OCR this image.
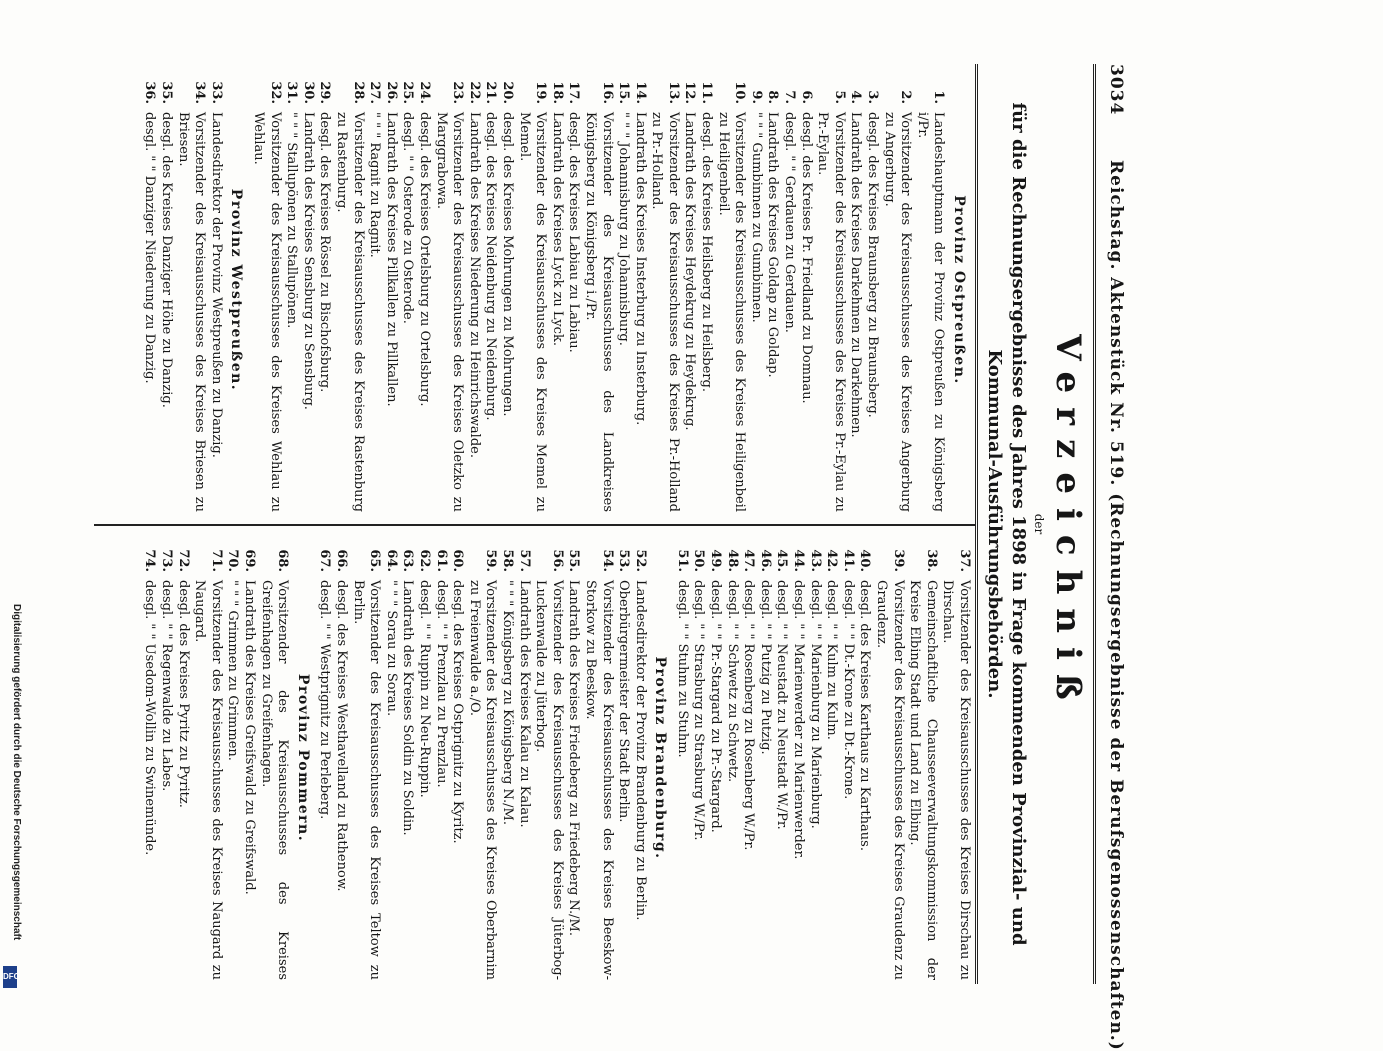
3034
Reichstag. Aktenstück Nr. 519. (Rechnungsergebnisse der Berufsgenossenschaften.)
Verzeichniß
der
für die Rechnungsergebnisse des Jahres 1898 in Frage kommenden Provinzial- und Kommunal-Ausführungsbehörden.
Provinz Ostpreußen.
1.
Landeshauptmann der Provinz Ostpreußen zu Königsberg i/Pr.
2.
Vorsitzender des Kreisausschusses des Kreises Angerburg zu Angerburg.
3.
desgl. des Kreises Braunsberg zu Braunsberg.
4.
Landrath des Kreises Darkehmen zu Darkehmen.
5.
Vorsitzender des Kreisausschusses des Kreises Pr.-Eylau zu Pr.-Eylau.
6.
desgl. des Kreises Pr. Friedland zu Domnau.
7.
desgl. " " Gerdauen zu Gerdauen.
8.
Landrath des Kreises Goldap zu Goldap.
9.
" " " Gumbinnen zu Gumbinnen.
10.
Vorsitzender des Kreisausschusses des Kreises Heiligenbeil zu Heiligenbeil.
11.
desgl. des Kreises Heilsberg zu Heilsberg.
12.
Landrath des Kreises Heydekrug zu Heydekrug.
13.
Vorsitzender des Kreisausschusses des Kreises Pr.-Holland zu Pr.-Holland.
14.
Landrath des Kreises Insterburg zu Insterburg.
15.
" " " Johannisburg zu Johannisburg.
16.
Vorsitzender des Kreisausschusses des Landkreises Königsberg zu Königsberg i./Pr.
17.
desgl. des Kreises Labiau zu Labiau.
18.
Landrath des Kreises Lyck zu Lyck.
19.
Vorsitzender des Kreisausschusses des Kreises Memel zu Memel.
20.
desgl. des Kreises Mohrungen zu Mohrungen.
21.
desgl. des Kreises Neidenburg zu Neidenburg.
22.
Landrath des Kreises Niederung zu Heinrichswalde.
23.
Vorsitzender des Kreisausschusses des Kreises Oletzko zu Marggrabowa.
24.
desgl. des Kreises Ortelsburg zu Ortelsburg.
25.
desgl. " " Osterode zu Osterode.
26.
Landrath des Kreises Pillkallen zu Pillkallen.
27.
" " " Ragnit zu Ragnit.
28.
Vorsitzender des Kreisausschusses des Kreises Rastenburg zu Rastenburg.
29.
desgl. des Kreises Rössel zu Bischofsburg.
30.
Landrath des Kreises Sensburg zu Sensburg.
31.
" " " Stallupönen zu Stallupönen.
32.
Vorsitzender des Kreisausschusses des Kreises Wehlau zu Wehlau.
Provinz Westpreußen.
33.
Landesdirektor der Provinz Westpreußen zu Danzig.
34.
Vorsitzender des Kreisausschusses des Kreises Briesen zu Briesen.
35.
desgl. des Kreises Danziger Höhe zu Danzig.
36.
desgl. " " Danziger Niederung zu Danzig.
37.
Vorsitzender des Kreisausschusses des Kreises Dirschau zu Dirschau.
38.
Gemeinschaftliche Chausseeverwaltungskommission der Kreise Elbing Stadt und Land zu Elbing.
39.
Vorsitzender des Kreisausschusses des Kreises Graudenz zu Graudenz.
40.
desgl. des Kreises Karthaus zu Karthaus.
41.
desgl. " " Dt.-Krone zu Dt.-Krone.
42.
desgl. " " Kulm zu Kulm.
43.
desgl. " " Marienburg zu Marienburg.
44.
desgl. " " Marienwerder zu Marienwerder.
45.
desgl. " " Neustadt zu Neustadt W./Pr.
46.
desgl. " " Putzig zu Putzig.
47.
desgl. " " Rosenberg zu Rosenberg W./Pr.
48.
desgl. " " Schwetz zu Schwetz.
49.
desgl. " " Pr.-Stargard zu Pr.-Stargard.
50.
desgl. " " Strasburg zu Strasburg W./Pr.
51.
desgl. " " Stuhm zu Stuhm.
Provinz Brandenburg.
52.
Landesdirektor der Provinz Brandenburg zu Berlin.
53.
Oberbürgermeister der Stadt Berlin.
54.
Vorsitzender des Kreisausschusses des Kreises Beeskow-Storkow zu Beeskow.
55.
Landrath des Kreises Friedeberg zu Friedeberg N./M.
56.
Vorsitzender des Kreisausschusses des Kreises Jüterbog-Luckenwalde zu Jüterbog.
57.
Landrath des Kreises Kalau zu Kalau.
58.
" " " Königsberg zu Königsberg N./M.
59.
Vorsitzender des Kreisausschusses des Kreises Oberbarnim zu Freienwalde a./O.
60.
desgl. des Kreises Ostprignitz zu Kyritz.
61.
desgl. " " Prenzlau zu Prenzlau.
62.
desgl. " " Ruppin zu Neu-Ruppin.
63.
Landrath des Kreises Soldin zu Soldin.
64.
" " " Sorau zu Sorau.
65.
Vorsitzender des Kreisausschusses des Kreises Teltow zu Berlin.
66.
desgl. des Kreises Westhavelland zu Rathenow.
67.
desgl. " " Westprignitz zu Perleberg.
Provinz Pommern.
68.
Vorsitzender des Kreisausschusses des Kreises Greifenhagen zu Greifenhagen.
69.
Landrath des Kreises Greifswald zu Greifswald.
70.
" " " Grimmen zu Grimmen.
71.
Vorsitzender des Kreisausschusses des Kreises Naugard zu Naugard.
72.
desgl. des Kreises Pyritz zu Pyritz.
73.
desgl. " " Regenwalde zu Labes.
74.
desgl. " " Usedom-Wollin zu Swinemünde.
Digitalisierung gefördert durch die Deutsche Forschungsgemeinschaft
DFG
